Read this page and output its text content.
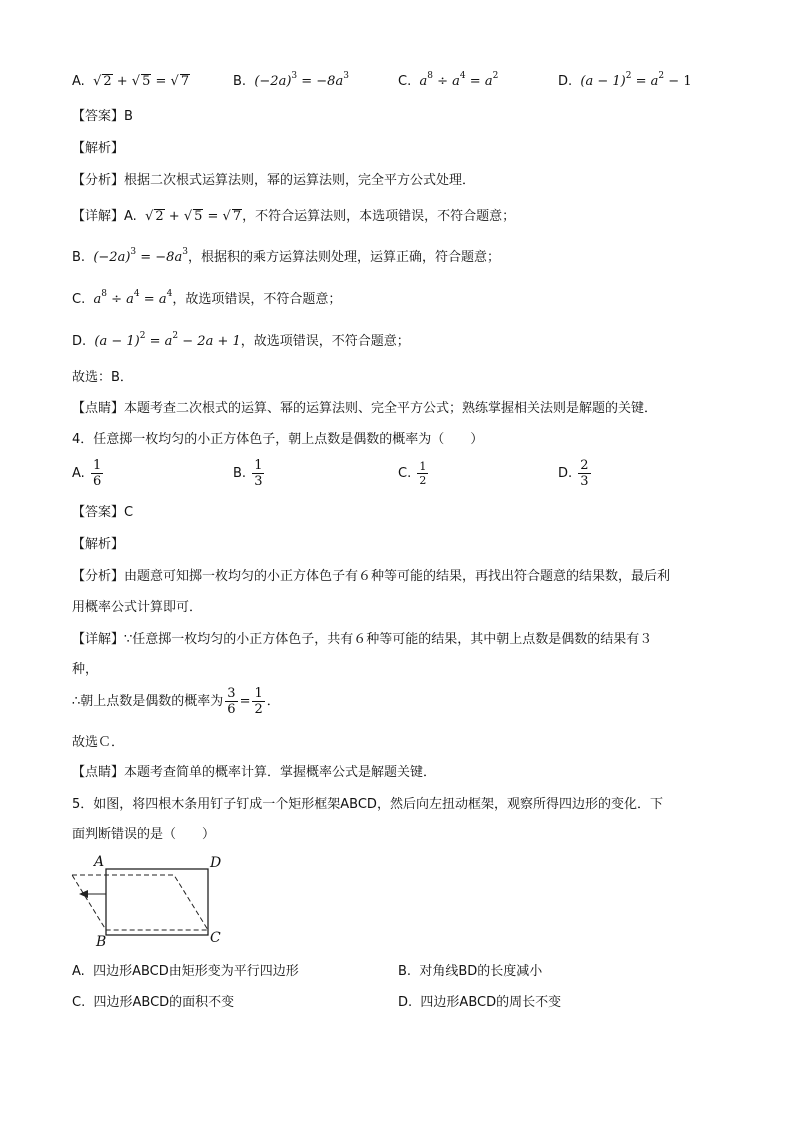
A. √ 2 + √ 5 = √ 7	B. $(-2a)^3 = -8a^3$	C. $a^8 \div a^4 = a^2$	D. $(a - 1)^2 = a^2 - 1$
【答案】B
【解析】
【分析】根据二次根式运算法则，幂的运算法则，完全平方公式处理．
【详解】A. √ 2 + √ 5 = √ 7，不符合运算法则，本选项错误，不符合题意；
B. $(-2a)^3 = -8a^3$，根据积的乘方运算法则处理，运算正确，符合题意；
C. $a^8 \div a^4 = a^4$，故选项错误，不符合题意；
D. $(a - 1)^2 = a^2 - 2a + 1$，故选项错误，不符合题意；
故选：B．
【点睛】本题考查二次根式的运算、幂的运算法则、完全平方公式；熟练掌握相关法则是解题的关键．
4．任意掷一枚均匀的小正方体色子，朝上点数是偶数的概率为（　　）
A. $\frac{1}{6}$	B. $\frac{1}{3}$	C. $\frac{1}{2}$	D. $\frac{2}{3}$
【答案】C
【解析】
【分析】由题意可知掷一枚均匀的小正方体色子有６种等可能的结果，再找出符合题意的结果数，最后利
用概率公式计算即可．
【详解】∵任意掷一枚均匀的小正方体色子，共有６种等可能的结果，其中朝上点数是偶数的结果有３
种，
∴朝上点数是偶数的概率为 $\frac{3}{6} = \frac{1}{2}$ ．
故选Ｃ．
【点睛】本题考查简单的概率计算．掌握概率公式是解题关键．
5．如图，将四根木条用钉子钉成一个矩形框架ABCD，然后向左扭动框架，观察所得四边形的变化．下
面判断错误的是（　　）
A	D
B	C
A. 四边形ABCD由矩形变为平行四边形	B. 对角线BD的长度减小
C. 四边形ABCD的面积不变	D. 四边形ABCD的周长不变
